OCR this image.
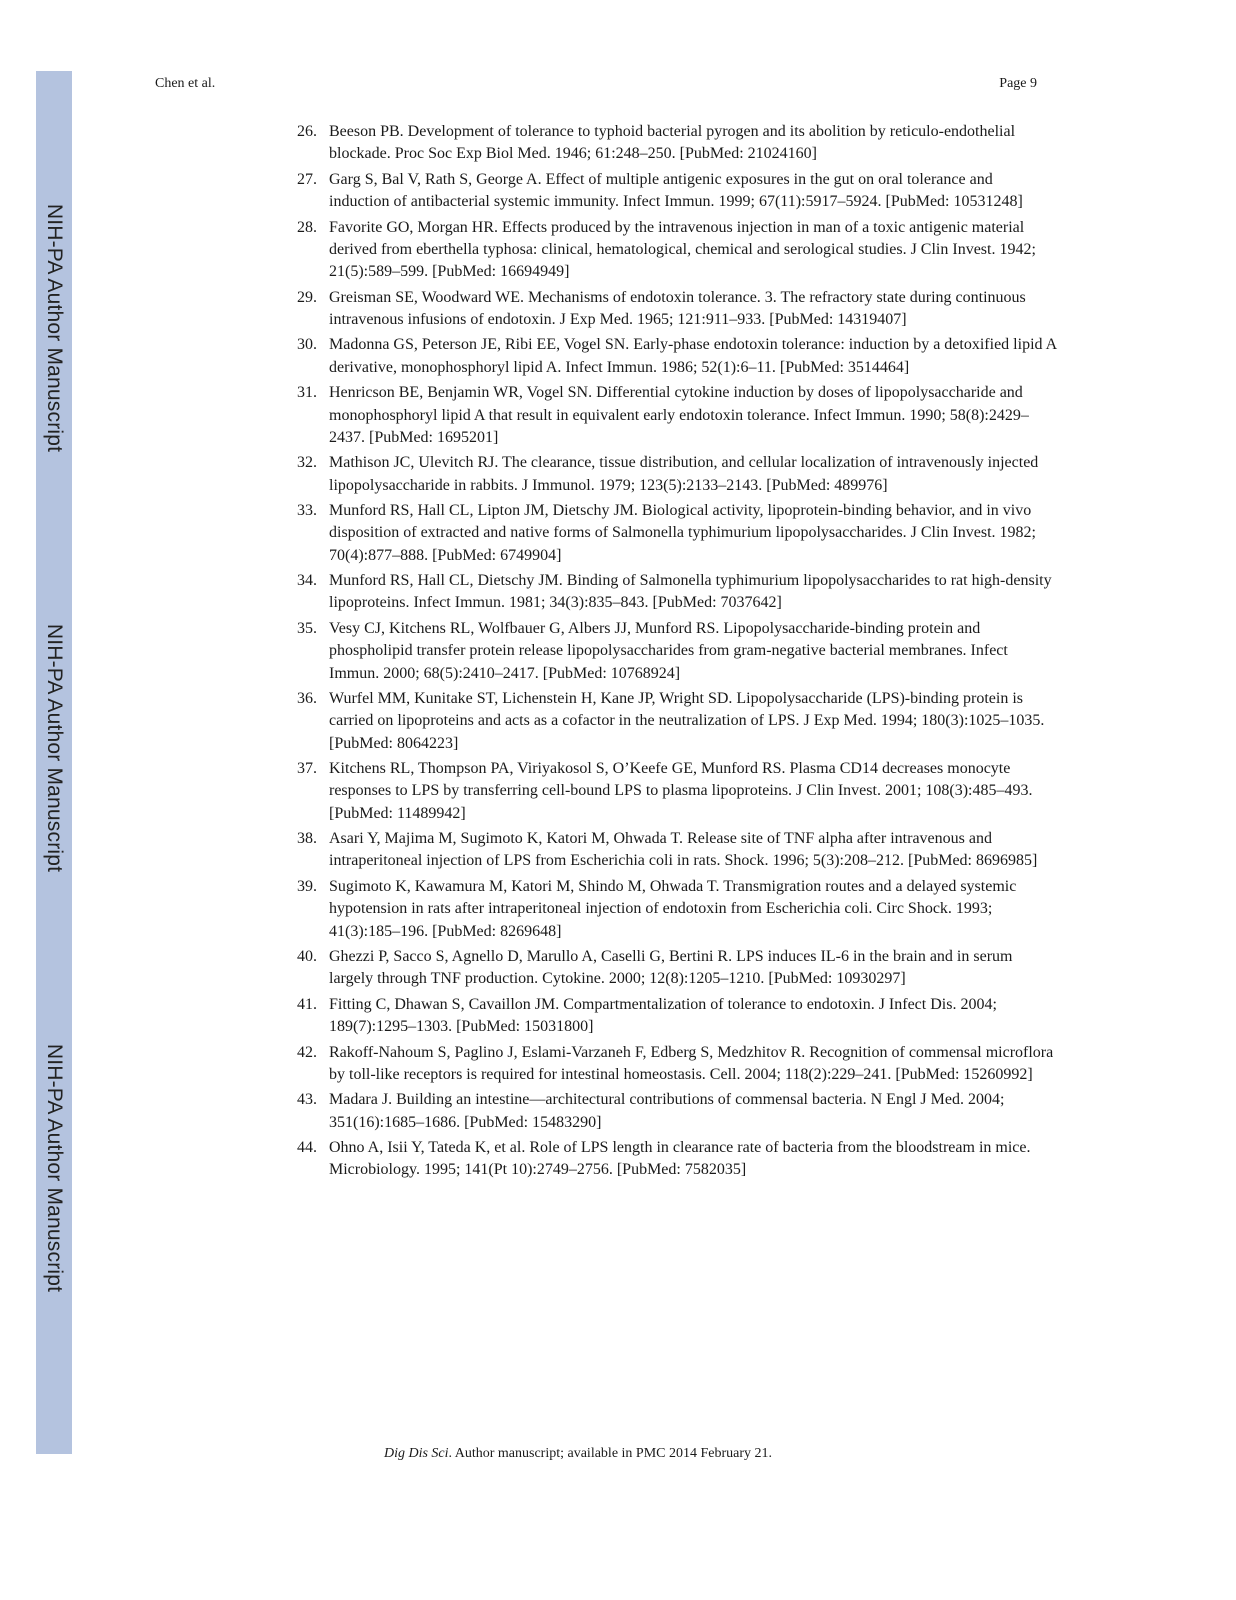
NIH-PA Author Manuscript
NIH-PA Author Manuscript
NIH-PA Author Manuscript
Chen et al.	Page 9
26. Beeson PB. Development of tolerance to typhoid bacterial pyrogen and its abolition by reticulo-endothelial blockade. Proc Soc Exp Biol Med. 1946; 61:248–250. [PubMed: 21024160]
27. Garg S, Bal V, Rath S, George A. Effect of multiple antigenic exposures in the gut on oral tolerance and induction of antibacterial systemic immunity. Infect Immun. 1999; 67(11):5917–5924. [PubMed: 10531248]
28. Favorite GO, Morgan HR. Effects produced by the intravenous injection in man of a toxic antigenic material derived from eberthella typhosa: clinical, hematological, chemical and serological studies. J Clin Invest. 1942; 21(5):589–599. [PubMed: 16694949]
29. Greisman SE, Woodward WE. Mechanisms of endotoxin tolerance. 3. The refractory state during continuous intravenous infusions of endotoxin. J Exp Med. 1965; 121:911–933. [PubMed: 14319407]
30. Madonna GS, Peterson JE, Ribi EE, Vogel SN. Early-phase endotoxin tolerance: induction by a detoxified lipid A derivative, monophosphoryl lipid A. Infect Immun. 1986; 52(1):6–11. [PubMed: 3514464]
31. Henricson BE, Benjamin WR, Vogel SN. Differential cytokine induction by doses of lipopolysaccharide and monophosphoryl lipid A that result in equivalent early endotoxin tolerance. Infect Immun. 1990; 58(8):2429–2437. [PubMed: 1695201]
32. Mathison JC, Ulevitch RJ. The clearance, tissue distribution, and cellular localization of intravenously injected lipopolysaccharide in rabbits. J Immunol. 1979; 123(5):2133–2143. [PubMed: 489976]
33. Munford RS, Hall CL, Lipton JM, Dietschy JM. Biological activity, lipoprotein-binding behavior, and in vivo disposition of extracted and native forms of Salmonella typhimurium lipopolysaccharides. J Clin Invest. 1982; 70(4):877–888. [PubMed: 6749904]
34. Munford RS, Hall CL, Dietschy JM. Binding of Salmonella typhimurium lipopolysaccharides to rat high-density lipoproteins. Infect Immun. 1981; 34(3):835–843. [PubMed: 7037642]
35. Vesy CJ, Kitchens RL, Wolfbauer G, Albers JJ, Munford RS. Lipopolysaccharide-binding protein and phospholipid transfer protein release lipopolysaccharides from gram-negative bacterial membranes. Infect Immun. 2000; 68(5):2410–2417. [PubMed: 10768924]
36. Wurfel MM, Kunitake ST, Lichenstein H, Kane JP, Wright SD. Lipopolysaccharide (LPS)-binding protein is carried on lipoproteins and acts as a cofactor in the neutralization of LPS. J Exp Med. 1994; 180(3):1025–1035. [PubMed: 8064223]
37. Kitchens RL, Thompson PA, Viriyakosol S, O’Keefe GE, Munford RS. Plasma CD14 decreases monocyte responses to LPS by transferring cell-bound LPS to plasma lipoproteins. J Clin Invest. 2001; 108(3):485–493. [PubMed: 11489942]
38. Asari Y, Majima M, Sugimoto K, Katori M, Ohwada T. Release site of TNF alpha after intravenous and intraperitoneal injection of LPS from Escherichia coli in rats. Shock. 1996; 5(3):208–212. [PubMed: 8696985]
39. Sugimoto K, Kawamura M, Katori M, Shindo M, Ohwada T. Transmigration routes and a delayed systemic hypotension in rats after intraperitoneal injection of endotoxin from Escherichia coli. Circ Shock. 1993; 41(3):185–196. [PubMed: 8269648]
40. Ghezzi P, Sacco S, Agnello D, Marullo A, Caselli G, Bertini R. LPS induces IL-6 in the brain and in serum largely through TNF production. Cytokine. 2000; 12(8):1205–1210. [PubMed: 10930297]
41. Fitting C, Dhawan S, Cavaillon JM. Compartmentalization of tolerance to endotoxin. J Infect Dis. 2004; 189(7):1295–1303. [PubMed: 15031800]
42. Rakoff-Nahoum S, Paglino J, Eslami-Varzaneh F, Edberg S, Medzhitov R. Recognition of commensal microflora by toll-like receptors is required for intestinal homeostasis. Cell. 2004; 118(2):229–241. [PubMed: 15260992]
43. Madara J. Building an intestine—architectural contributions of commensal bacteria. N Engl J Med. 2004; 351(16):1685–1686. [PubMed: 15483290]
44. Ohno A, Isii Y, Tateda K, et al. Role of LPS length in clearance rate of bacteria from the bloodstream in mice. Microbiology. 1995; 141(Pt 10):2749–2756. [PubMed: 7582035]
Dig Dis Sci. Author manuscript; available in PMC 2014 February 21.
